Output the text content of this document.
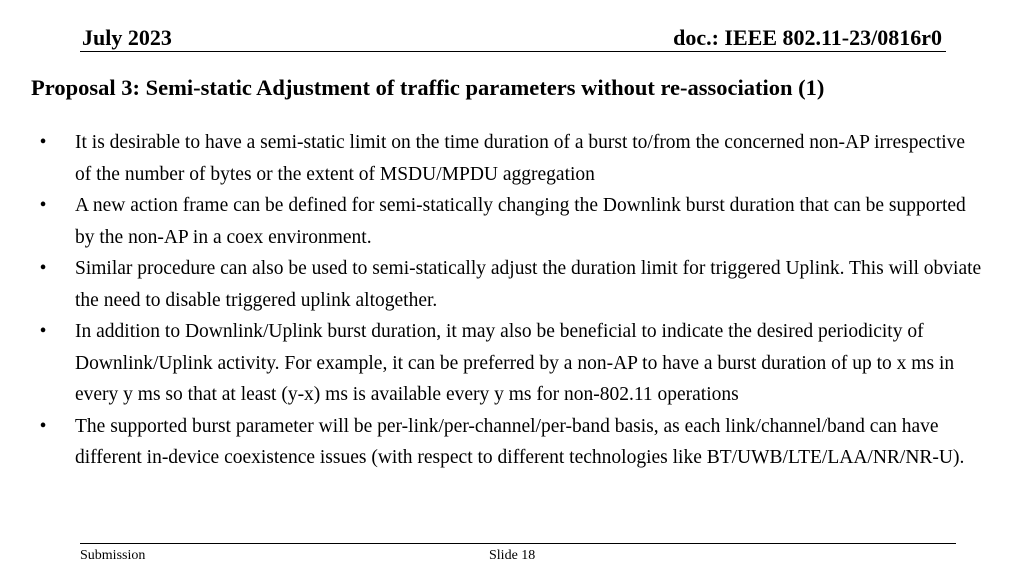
July 2023	doc.: IEEE 802.11-23/0816r0
Proposal 3: Semi-static Adjustment of traffic parameters without re-association (1)
• It is desirable to have a semi-static limit on the time duration of a burst to/from the concerned non-AP irrespective of the number of bytes or the extent of MSDU/MPDU aggregation
• A new action frame can be defined for semi-statically changing the Downlink burst duration that can be supported by the non-AP in a coex environment.
• Similar procedure can also be used to semi-statically adjust the duration limit for triggered Uplink. This will obviate the need to disable triggered uplink altogether.
• In addition to Downlink/Uplink burst duration, it may also be beneficial to indicate the desired periodicity of Downlink/Uplink activity. For example, it can be preferred by a non-AP to have a burst duration of up to x ms in every y ms so that at least (y-x) ms is available every y ms for non-802.11 operations
• The supported burst parameter will be per-link/per-channel/per-band basis, as each link/channel/band can have different in-device coexistence issues (with respect to different technologies like BT/UWB/LTE/LAA/NR/NR-U).
Submission	Slide 18
